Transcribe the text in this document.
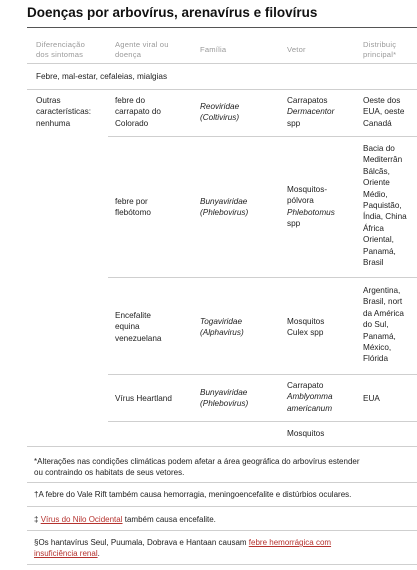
Doenças por arbovírus, arenavírus e filovírus
Diferenciação
dos sintomas
Agente viral ou
doença
Família	Vetor
Distribuiç
principal*
Febre, mal-estar, cefaleias, mialgias
Outras
características:
nenhuma
febre do
carrapato do
Colorado
Reoviridae
(Coltivirus)
Carrapatos
Dermacentor
spp
Oeste dos
EUA, oeste
Canadá
febre por
flebótomo
Bunyaviridae
(Phlebovirus)
Mosquitos-
pólvora
Phlebotomus
spp
Bacia do
Mediterrân
Bálcãs,
Oriente
Médio,
Paquistão,
Índia, China
África
Oriental,
Panamá,
Brasil
Encefalite
equina
venezuelana
Togaviridae
(Alphavirus)
Mosquitos
Culex spp
Argentina,
Brasil, nort
da América
do Sul,
Panamá,
México,
Flórida
Vírus Heartland
Bunyaviridae
(Phlebovirus)
Carrapato
Amblyomma
americanum
EUA
Mosquitos
*Alterações nas condições climáticas podem afetar a área geográfica do arbovírus estender
ou contraindo os habitats de seus vetores.
†A febre do Vale Rift também causa hemorragia, meningoencefalite e distúrbios oculares.
‡ Vírus do Nilo Ocidental também causa encefalite.
§Os hantavírus Seul, Puumala, Dobrava e Hantaan causam febre hemorrágica com
insuficiência renal.
